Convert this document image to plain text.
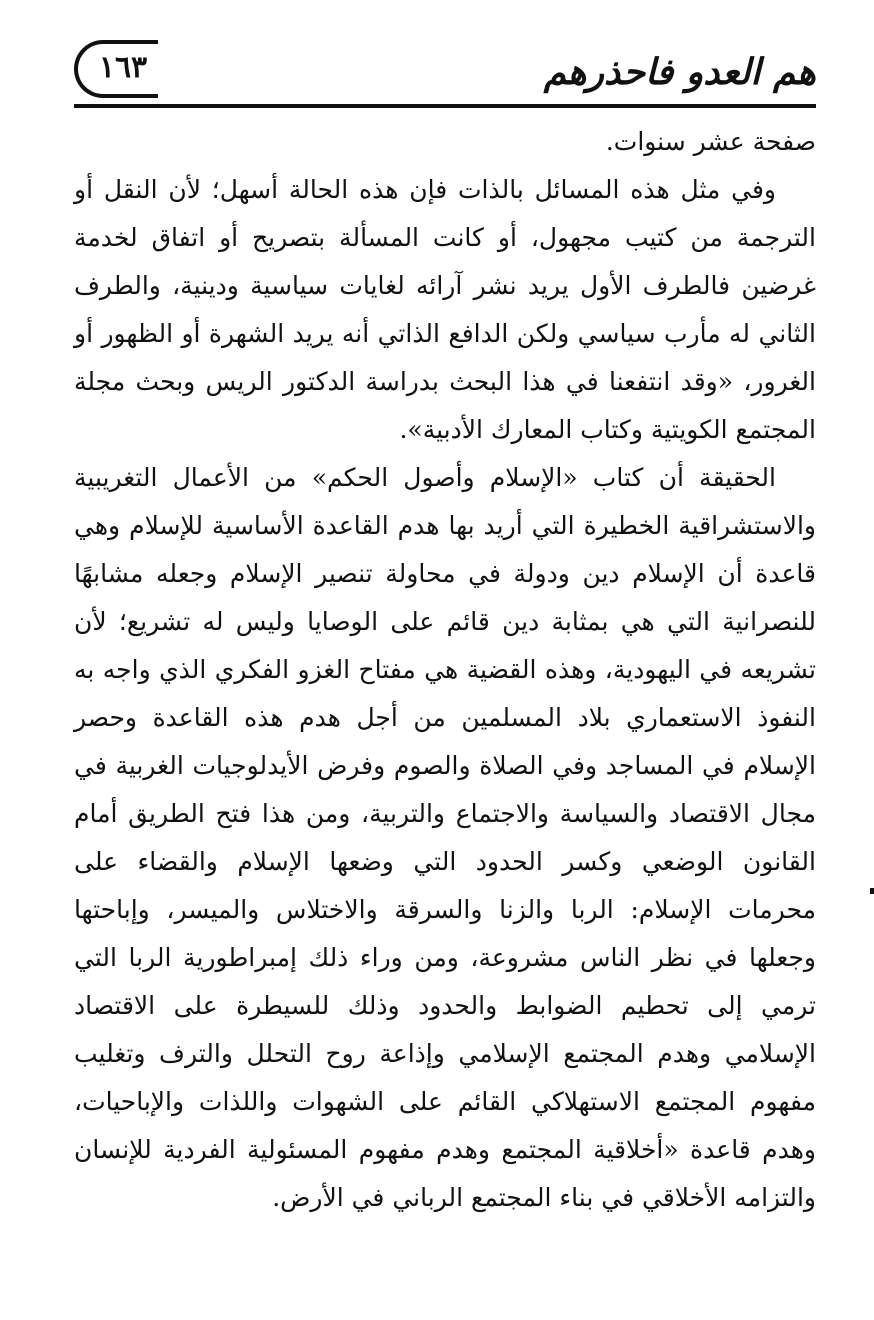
هم العدو فاحذرهم
١٦٣

صفحة عشر سنوات.

وفي مثل هذه المسائل بالذات فإن هذه الحالة أسهل؛ لأن النقل أو الترجمة من كتيب مجهول، أو كانت المسألة بتصريح أو اتفاق لخدمة غرضين فالطرف الأول يريد نشر آرائه لغايات سياسية ودينية، والطرف الثاني له مأرب سياسي ولكن الدافع الذاتي أنه يريد الشهرة أو الظهور أو الغرور، «وقد انتفعنا في هذا البحث بدراسة الدكتور الريس وبحث مجلة المجتمع الكويتية وكتاب المعارك الأدبية».

الحقيقة أن كتاب «الإسلام وأصول الحكم» من الأعمال التغريبية والاستشراقية الخطيرة التي أريد بها هدم القاعدة الأساسية للإسلام وهي قاعدة أن الإسلام دين ودولة في محاولة تنصير الإسلام وجعله مشابهًا للنصرانية التي هي بمثابة دين قائم على الوصايا وليس له تشريع؛ لأن تشريعه في اليهودية، وهذه القضية هي مفتاح الغزو الفكري الذي واجه به النفوذ الاستعماري بلاد المسلمين من أجل هدم هذه القاعدة وحصر الإسلام في المساجد وفي الصلاة والصوم وفرض الأيدلوجيات الغربية في مجال الاقتصاد والسياسة والاجتماع والتربية، ومن هذا فتح الطريق أمام القانون الوضعي وكسر الحدود التي وضعها الإسلام والقضاء على محرمات الإسلام: الربا والزنا والسرقة والاختلاس والميسر، وإباحتها وجعلها في نظر الناس مشروعة، ومن وراء ذلك إمبراطورية الربا التي ترمي إلى تحطيم الضوابط والحدود وذلك للسيطرة على الاقتصاد الإسلامي وهدم المجتمع الإسلامي وإذاعة روح التحلل والترف وتغليب مفهوم المجتمع الاستهلاكي القائم على الشهوات واللذات والإباحيات، وهدم قاعدة «أخلاقية المجتمع وهدم مفهوم المسئولية الفردية للإنسان والتزامه الأخلاقي في بناء المجتمع الرباني في الأرض.
